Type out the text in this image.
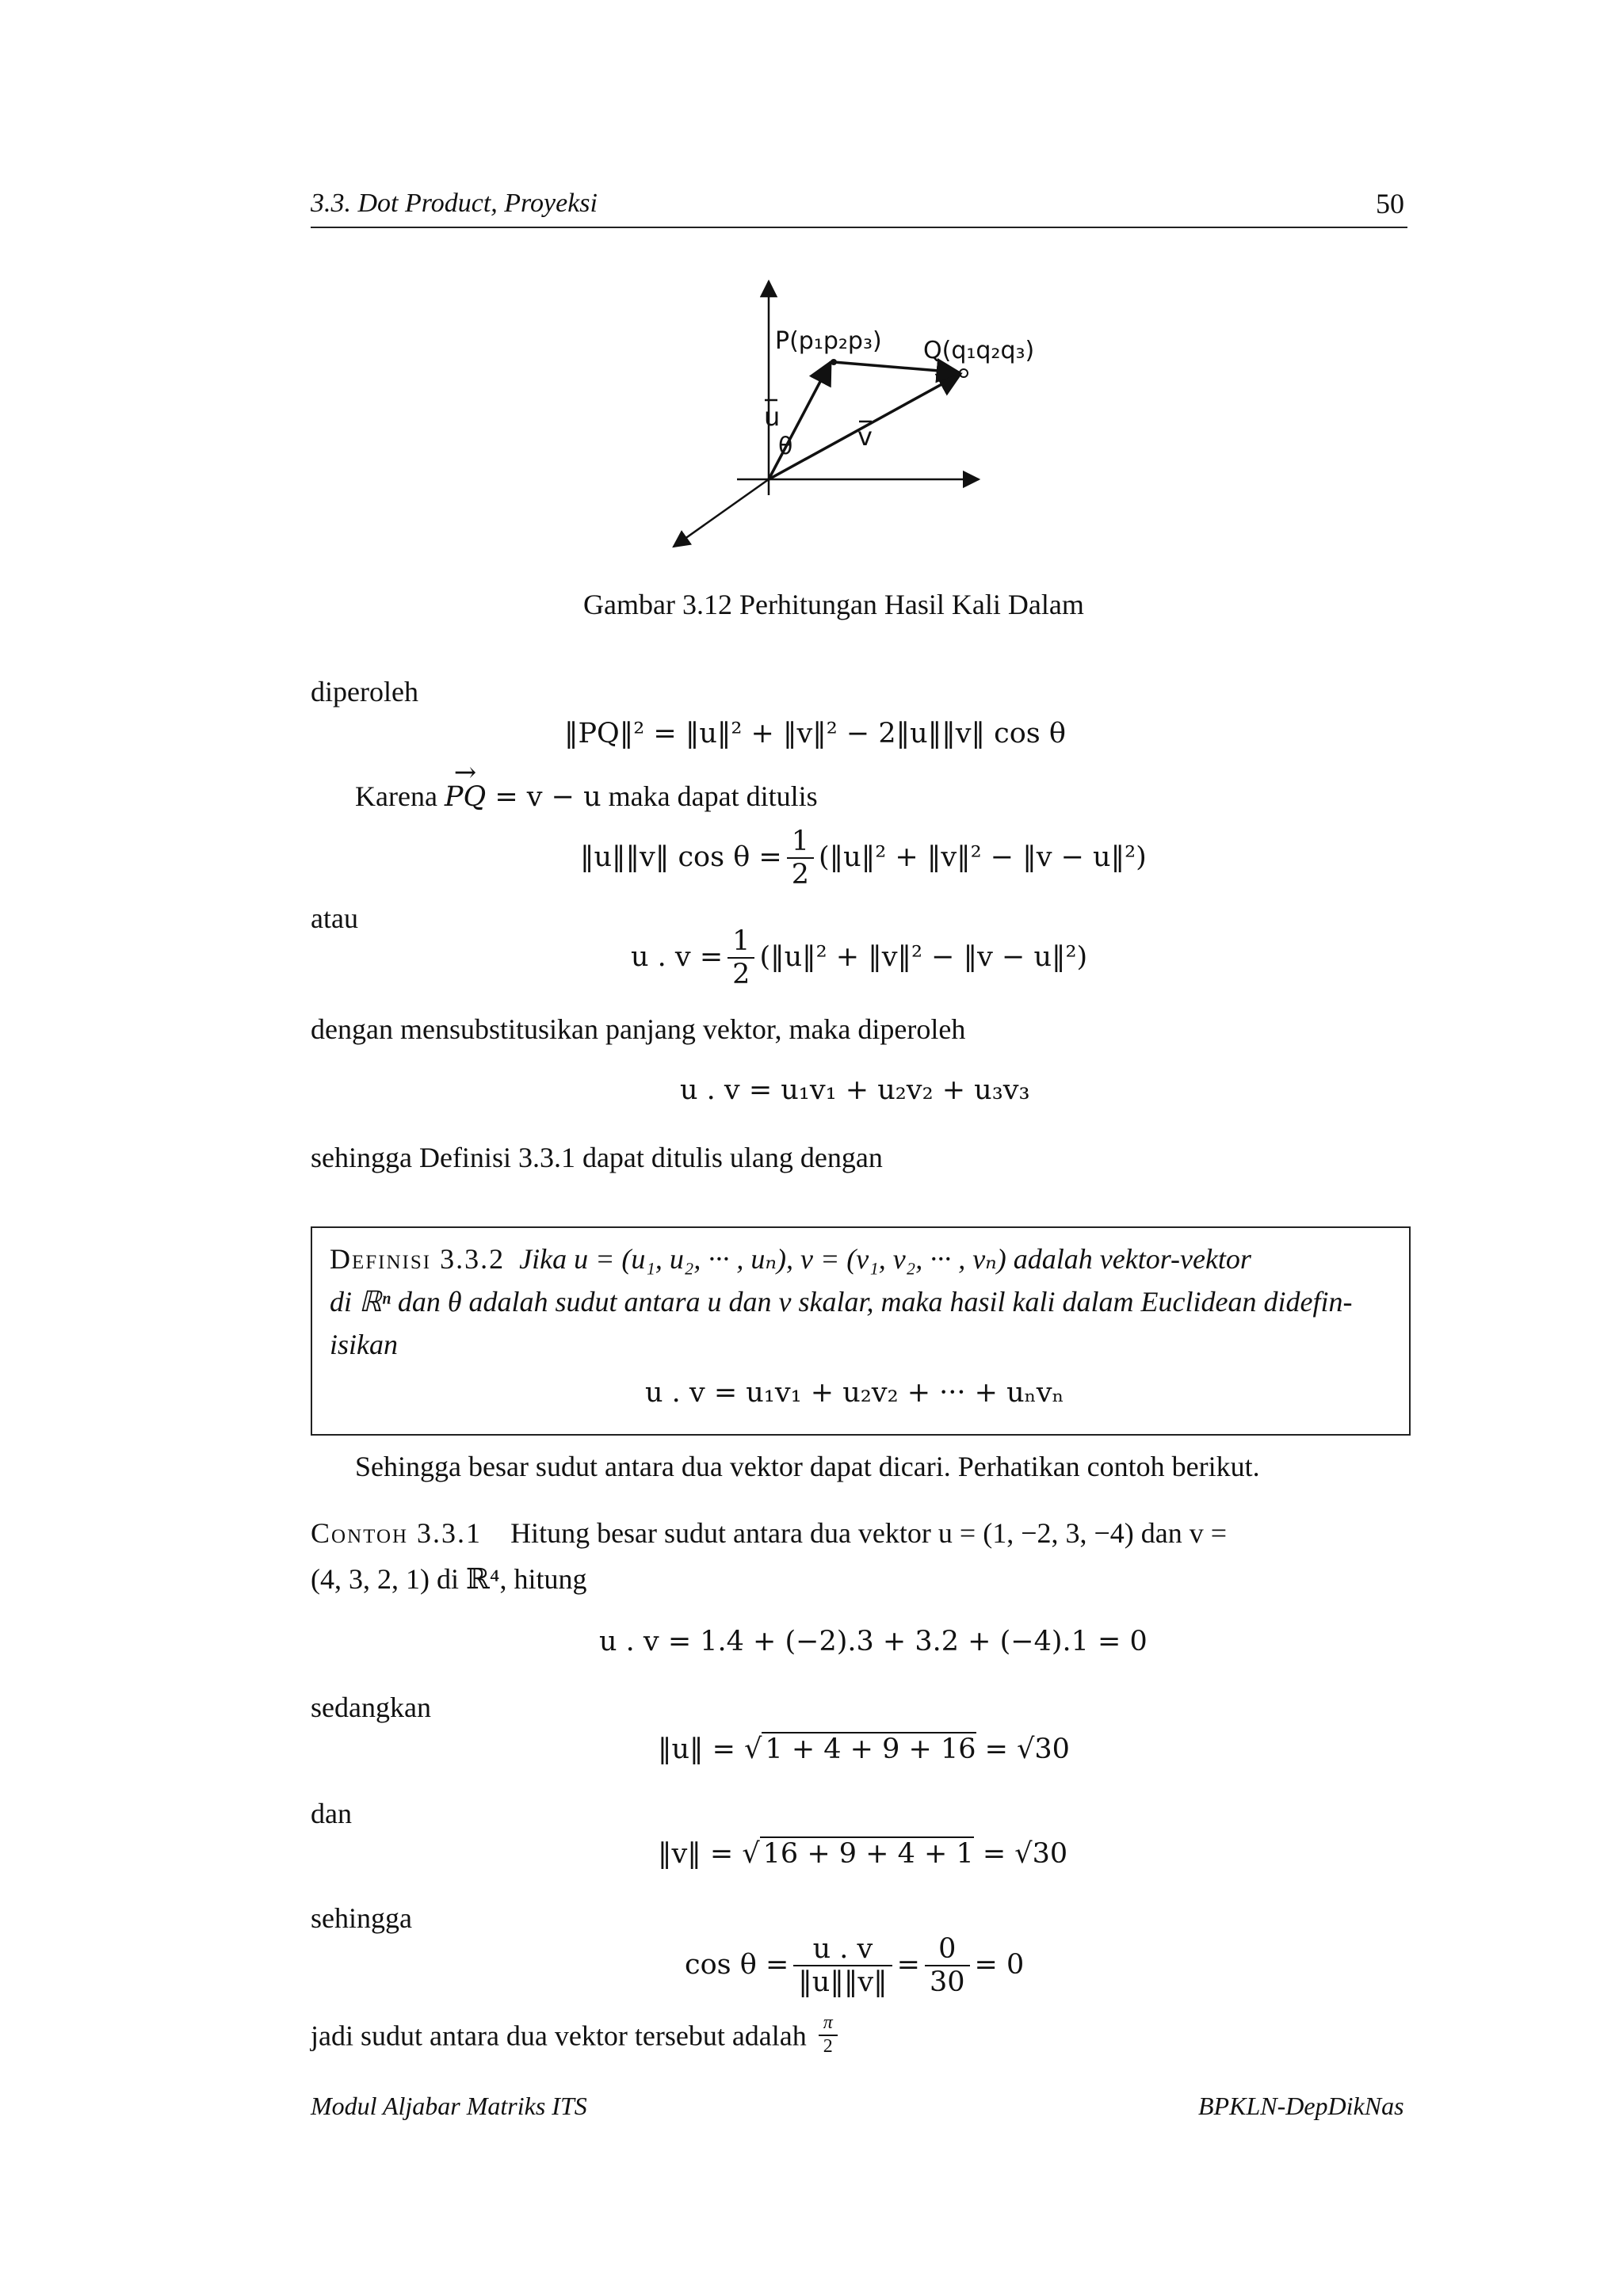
3.3. Dot Product, Proyeksi	50
P(p₁p₂p₃) Q(q₁q₂q₃)
u
v
θ
Gambar 3.12 Perhitungan Hasil Kali Dalam
diperoleh
‖PQ‖² = ‖u‖² + ‖v‖² − 2‖u‖‖v‖ cos θ
Karena → PQ = v − u maka dapat ditulis
‖u‖‖v‖ $\cos \theta = \frac{1}{2}$ (‖u‖² + ‖v‖² − ‖v − u‖²)
atau
u . $v = \frac{1}{2}$ (‖u‖² + ‖v‖² − ‖v − u‖²)
dengan mensubstitusikan panjang vektor, maka diperoleh
u . v = u₁v₁ + u₂v₂ + u₃v₃
sehingga Definisi 3.3.1 dapat ditulis ulang dengan
Definisi 3.3.2 Jika u = (u₁, u₂, ··· , uₙ), v = (v₁, v₂, ··· , vₙ) adalah vektor-vektor
di ℝⁿ dan θ adalah sudut antara u dan v skalar, maka hasil kali dalam Euclidean didefin-
isikan
u . v = u₁v₁ + u₂v₂ + ··· + uₙvₙ
Sehingga besar sudut antara dua vektor dapat dicari. Perhatikan contoh berikut.
Contoh 3.3.1 Hitung besar sudut antara dua vektor u = (1, −2, 3, −4) dan v =
(4, 3, 2, 1) di ℝ⁴, hitung
u . v = 1.4 + (−2).3 + 3.2 + (−4).1 = 0
sedangkan
‖u‖ = √ 1 + 4 + 9 + 16 = √30
dan
‖v‖ = √ 16 + 9 + 4 + 1 = √30
sehingga
$\cos \theta = \frac{u . v}{‖u‖‖v‖} = \frac{0}{30} = 0$
jadi sudut antara dua vektor tersebut adalah $\frac{\pi}{2}$
Modul Aljabar Matriks ITS	BPKLN-DepDikNas
